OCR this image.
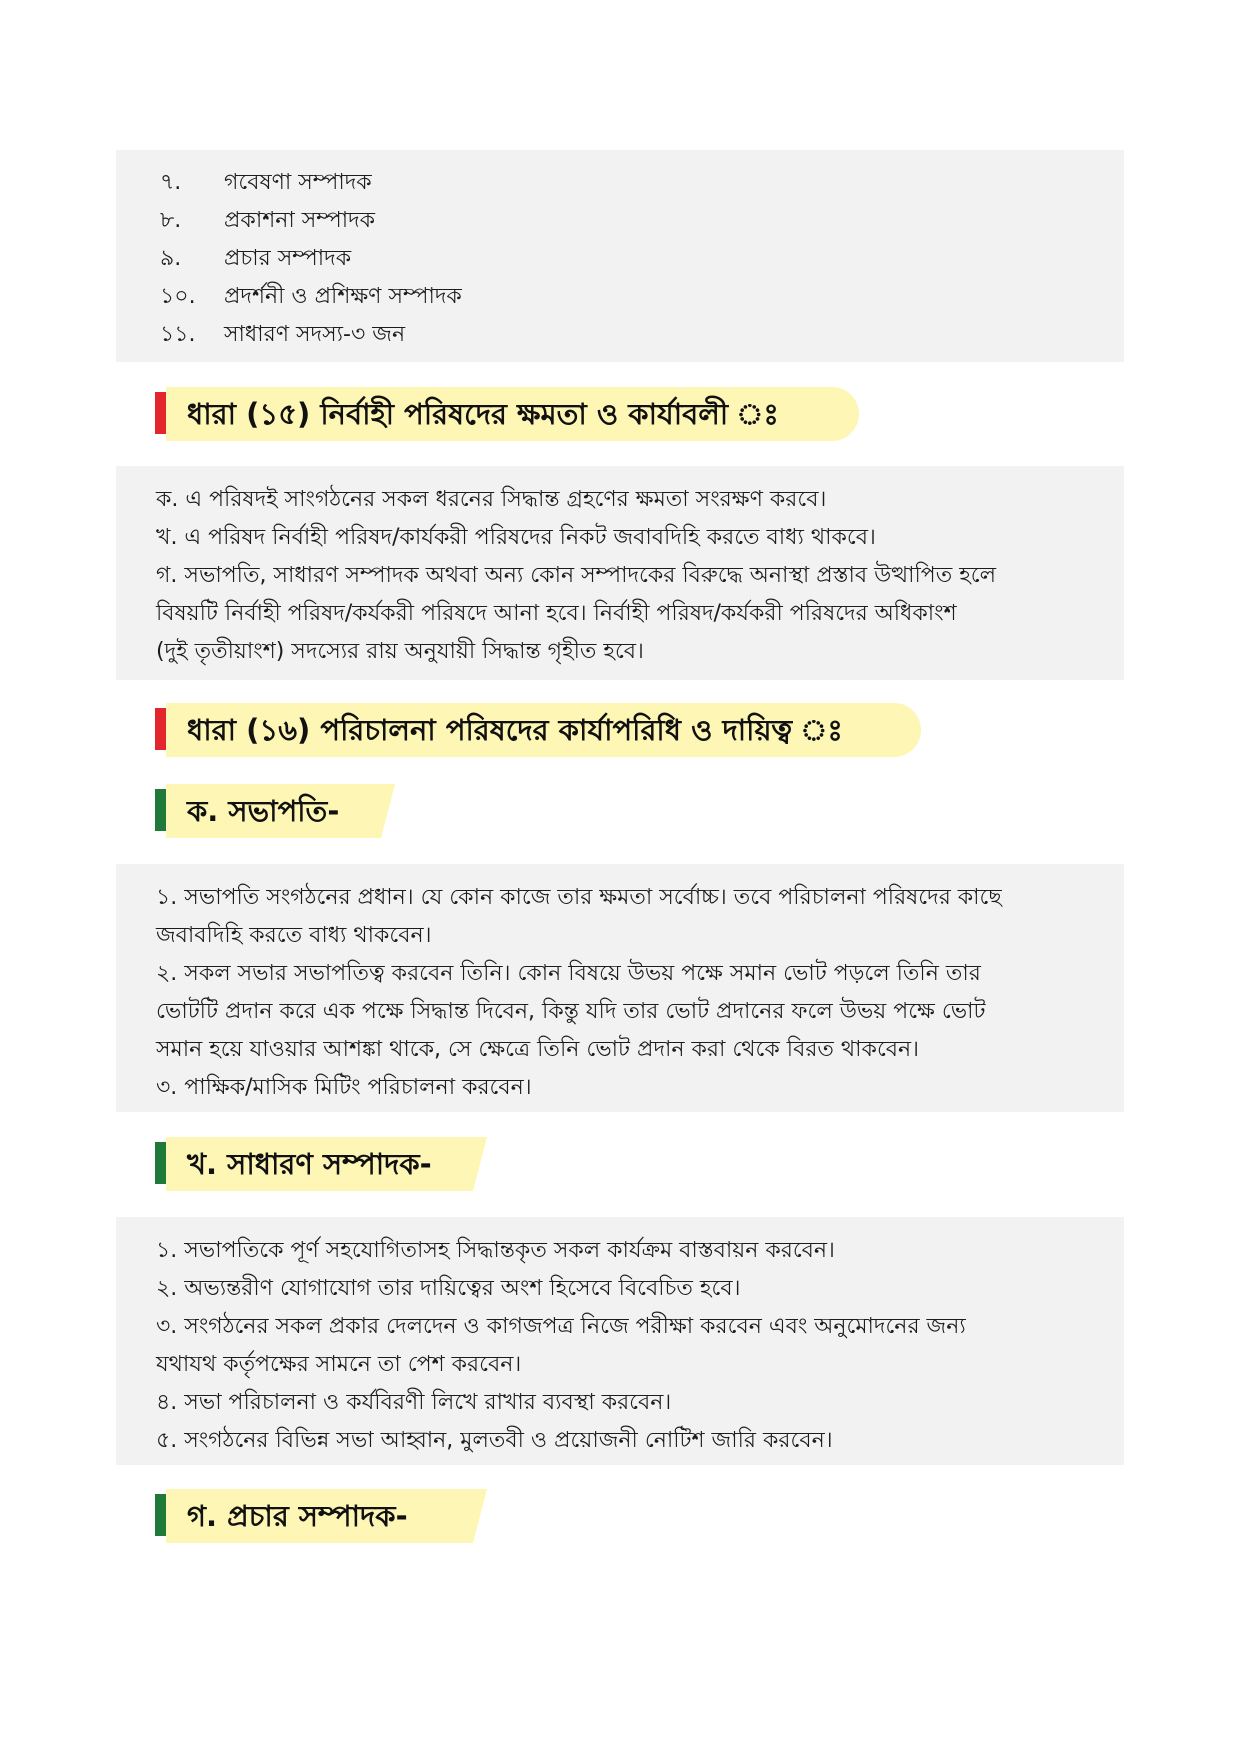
৭.	গবেষণা সম্পাদক
৮.	প্রকাশনা সম্পাদক
৯.	প্রচার সম্পাদক
১০.	প্রদর্শনী ও প্রশিক্ষণ সম্পাদক
১১.	সাধারণ সদস্য-৩ জন
ধারা (১৫) নির্বাহী পরিষদের ক্ষমতা ও কার্যাবলী ঃ

ক. এ পরিষদই সাংগঠনের সকল ধরনের সিদ্ধান্ত গ্রহণের ক্ষমতা সংরক্ষণ করবে।

খ. এ পরিষদ নির্বাহী পরিষদ/কার্যকরী পরিষদের নিকট জবাবদিহি করতে বাধ্য থাকবে।

গ. সভাপতি, সাধারণ সম্পাদক অথবা অন্য কোন সম্পাদকের বিরুদ্ধে অনাস্থা প্রস্তাব উত্থাপিত হলে

বিষয়টি নির্বাহী পরিষদ/কর্যকরী পরিষদে আনা হবে। নির্বাহী পরিষদ/কর্যকরী পরিষদের অধিকাংশ

(দুই তৃতীয়াংশ) সদস্যের রায় অনুযায়ী সিদ্ধান্ত গৃহীত হবে।

ধারা (১৬) পরিচালনা পরিষদের কার্যাপরিধি ও দায়িত্ব ঃ
ক. সভাপতি-

১. সভাপতি সংগঠনের প্রধান। যে কোন কাজে তার ক্ষমতা সর্বোচ্চ। তবে পরিচালনা পরিষদের কাছে

জবাবদিহি করতে বাধ্য থাকবেন।

২. সকল সভার সভাপতিত্ব করবেন তিনি। কোন বিষয়ে উভয় পক্ষে সমান ভোট পড়লে তিনি তার

ভোটটি প্রদান করে এক পক্ষে সিদ্ধান্ত দিবেন, কিন্তু যদি তার ভোট প্রদানের ফলে উভয় পক্ষে ভোট

সমান হয়ে যাওয়ার আশঙ্কা থাকে, সে ক্ষেত্রে তিনি ভোট প্রদান করা থেকে বিরত থাকবেন।

৩. পাক্ষিক/মাসিক মিটিং পরিচালনা করবেন।

খ. সাধারণ সম্পাদক-

১. সভাপতিকে পূর্ণ সহযোগিতাসহ সিদ্ধান্তকৃত সকল কার্যক্রম বাস্তবায়ন করবেন।

২. অভ্যন্তরীণ যোগাযোগ তার দায়িত্বের অংশ হিসেবে বিবেচিত হবে।

৩. সংগঠনের সকল প্রকার দেলদেন ও কাগজপত্র নিজে পরীক্ষা করবেন এবং অনুমোদনের জন্য

যথাযথ কর্তৃপক্ষের সামনে তা পেশ করবেন।

৪. সভা পরিচালনা ও কর্যবিরণী লিখে রাখার ব্যবস্থা করবেন।

৫. সংগঠনের বিভিন্ন সভা আহ্বান, মুলতবী ও প্রয়োজনী নোটিশ জারি করবেন।

গ. প্রচার সম্পাদক-
